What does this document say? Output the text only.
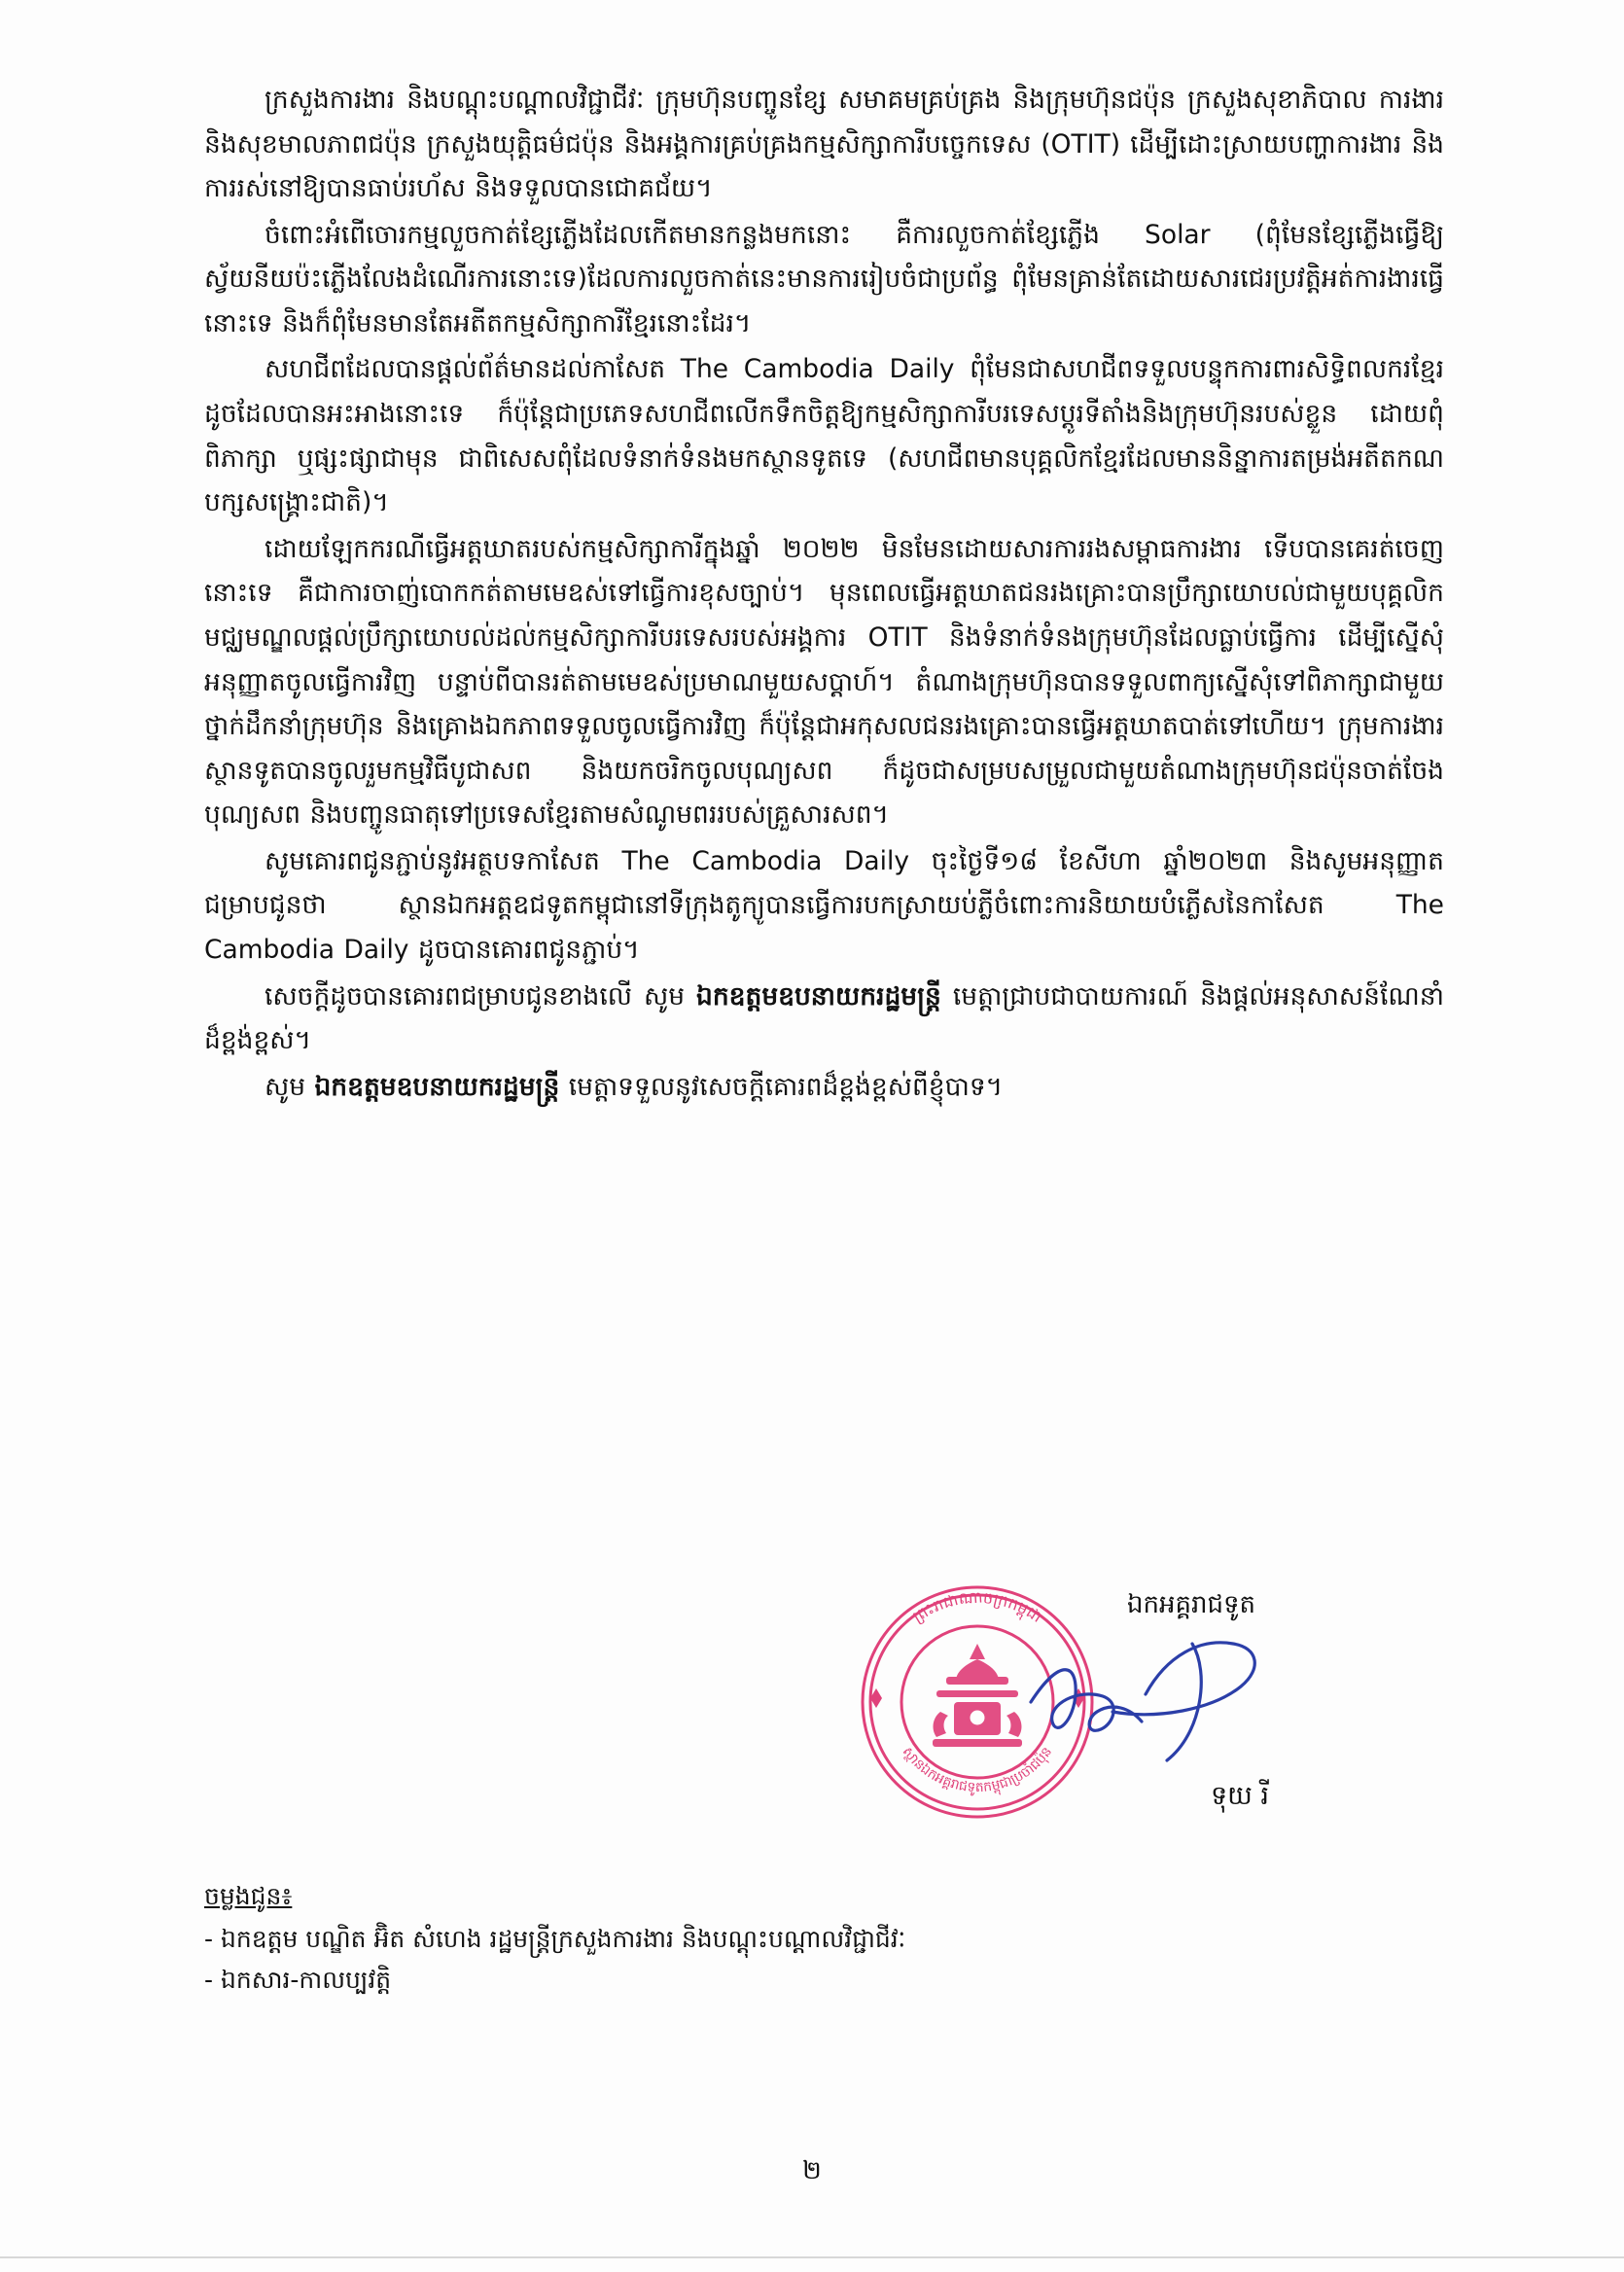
ក្រសួងការងារ និងបណ្ដុះបណ្ដាលវិជ្ជាជីវៈ ក្រុមហ៊ុនបញ្ចូនខ្សែ សមាគមគ្រប់គ្រង និងក្រុមហ៊ុនជប៉ុន ក្រសួងសុខាភិបាល ការងារ និងសុខមាលភាពជប៉ុន ក្រសួងយុត្តិធម៌ជប៉ុន និងអង្គការគ្រប់គ្រងកម្មសិក្សាការីបច្ចេកទេស (OTIT) ដើម្បីដោះស្រាយបញ្ហាការងារ និងការរស់នៅឱ្យបានធាប់រហ័ស និងទទួលបានជោគជ័យ។

ចំពោះអំពើចោរកម្មលួចកាត់ខ្សែភ្លើងដែលកើតមានកន្លងមកនោះ គឺការលួចកាត់ខ្សែភ្លើង Solar (ពុំមែនខ្សែភ្លើងធ្វើឱ្យស្វ័យនីយប៉ះភ្លើងលែងដំណើរការនោះទេ)ដែលការលួចកាត់នេះមានការរៀបចំជាប្រព័ន្ធ ពុំមែនគ្រាន់តែដោយសារជេរប្រវត្តិអត់ការងារធ្វើនោះទេ និងក៏ពុំមែនមានតែអតីតកម្មសិក្សាការីខ្មែរនោះដែរ។

សហជីពដែលបានផ្ដល់ព័ត៌មានដល់កាសែត The Cambodia Daily ពុំមែនជាសហជីពទទួលបន្ទុកការពារសិទ្ធិពលករខ្មែរដូចដែលបានអះអាងនោះទេ ក៏ប៉ុន្តែជាប្រភេទសហជីពលើកទឹកចិត្តឱ្យកម្មសិក្សាការីបរទេសប្ដូរទីតាំងនិងក្រុមហ៊ុនរបស់ខ្លួន ដោយពុំពិភាក្សា ឬផ្សះផ្សាជាមុន ជាពិសេសពុំដែលទំនាក់ទំនងមកស្ថានទូតទេ (សហជីពមានបុគ្គលិកខ្មែរដែលមាននិន្នាការតម្រង់អតីតកណបក្សសង្គ្រោះជាតិ)។

ដោយឡែកករណីធ្វើអត្តឃាតរបស់កម្មសិក្សាការីក្នុងឆ្នាំ ២០២២ មិនមែនដោយសារការរងសម្ពាធការងារ ទើបបានគេរត់ចេញនោះទេ គឺជាការចាញ់បោកកត់តាមមេឧស់ទៅធ្វើការខុសច្បាប់។ មុនពេលធ្វើអត្តឃាតជនរងគ្រោះបានប្រឹក្សាយោបល់ជាមួយបុគ្គលិកមជ្ឈមណ្ឌលផ្ដល់ប្រឹក្សាយោបល់ដល់កម្មសិក្សាការីបរទេសរបស់អង្គការ OTIT និងទំនាក់ទំនងក្រុមហ៊ុនដែលធ្លាប់ធ្វើការ ដើម្បីស្នើសុំអនុញ្ញាតចូលធ្វើការវិញ បន្ទាប់ពីបានរត់តាមមេឧស់ប្រមាណមួយសប្ដាហ៍។ តំណាងក្រុមហ៊ុនបានទទួលពាក្យស្នើសុំទៅពិភាក្សាជាមួយថ្នាក់ដឹកនាំក្រុមហ៊ុន និងគ្រោងឯកភាពទទួលចូលធ្វើការវិញ ក៏ប៉ុន្តែជាអកុសលជនរងគ្រោះបានធ្វើអត្តឃាតបាត់ទៅហើយ។ ក្រុមការងារស្ថានទូតបានចូលរួមកម្មវិធីបូជាសព និងយកចរិកចូលបុណ្យសព ក៏ដូចជាសម្របសម្រួលជាមួយតំណាងក្រុមហ៊ុនជប៉ុនចាត់ចែងបុណ្យសព និងបញ្ចូនធាតុទៅប្រទេសខ្មែរតាមសំណូមពររបស់គ្រួសារសព។

សូមគោរពជូនភ្ជាប់នូវអត្ថបទកាសែត The Cambodia Daily ចុះថ្ងៃទី១៨ ខែសីហា ឆ្នាំ២០២៣ និងសូមអនុញ្ញាតជម្រាបជូនថា ស្ថានឯកអត្តឧជទូតកម្ពុជានៅទីក្រុងតូក្យូបានធ្វើការបកស្រាយប់ភ្លីចំពោះការនិយាយបំភ្លើសនៃកាសែត The Cambodia Daily ដូចបានគោរពជូនភ្ជាប់។

សេចក្ដីដូចបានគោរពជម្រាបជូនខាងលើ សូម ឯកឧត្តមឧបនាយករដ្ឋមន្ត្រី មេត្តាជ្រាបជាបាយការណ៍ និងផ្ដល់អនុសាសន៍ណែនាំដ៏ខ្ពង់ខ្ពស់។

សូម ឯកឧត្តមឧបនាយករដ្ឋមន្ត្រី មេត្តាទទួលនូវសេចក្ដីគោរពដ៏ខ្ពង់ខ្ពស់ពីខ្ញុំបាទ។

ព្រះរាជាណាចក្រកម្ពុជា
ស្ថានឯកអគ្គរាជទូតកម្ពុជាប្រចាំជប៉ុន
ឯកអគ្គរាជទូត
ទុយ រី
ចម្លងជូន៖
- ឯកឧត្តម បណ្ឌិត អ៊ិត សំហេង រដ្ឋមន្ត្រីក្រសួងការងារ និងបណ្ដុះបណ្ដាលវិជ្ជាជីវៈ
- ឯកសារ-កាលប្បវត្តិ
២
